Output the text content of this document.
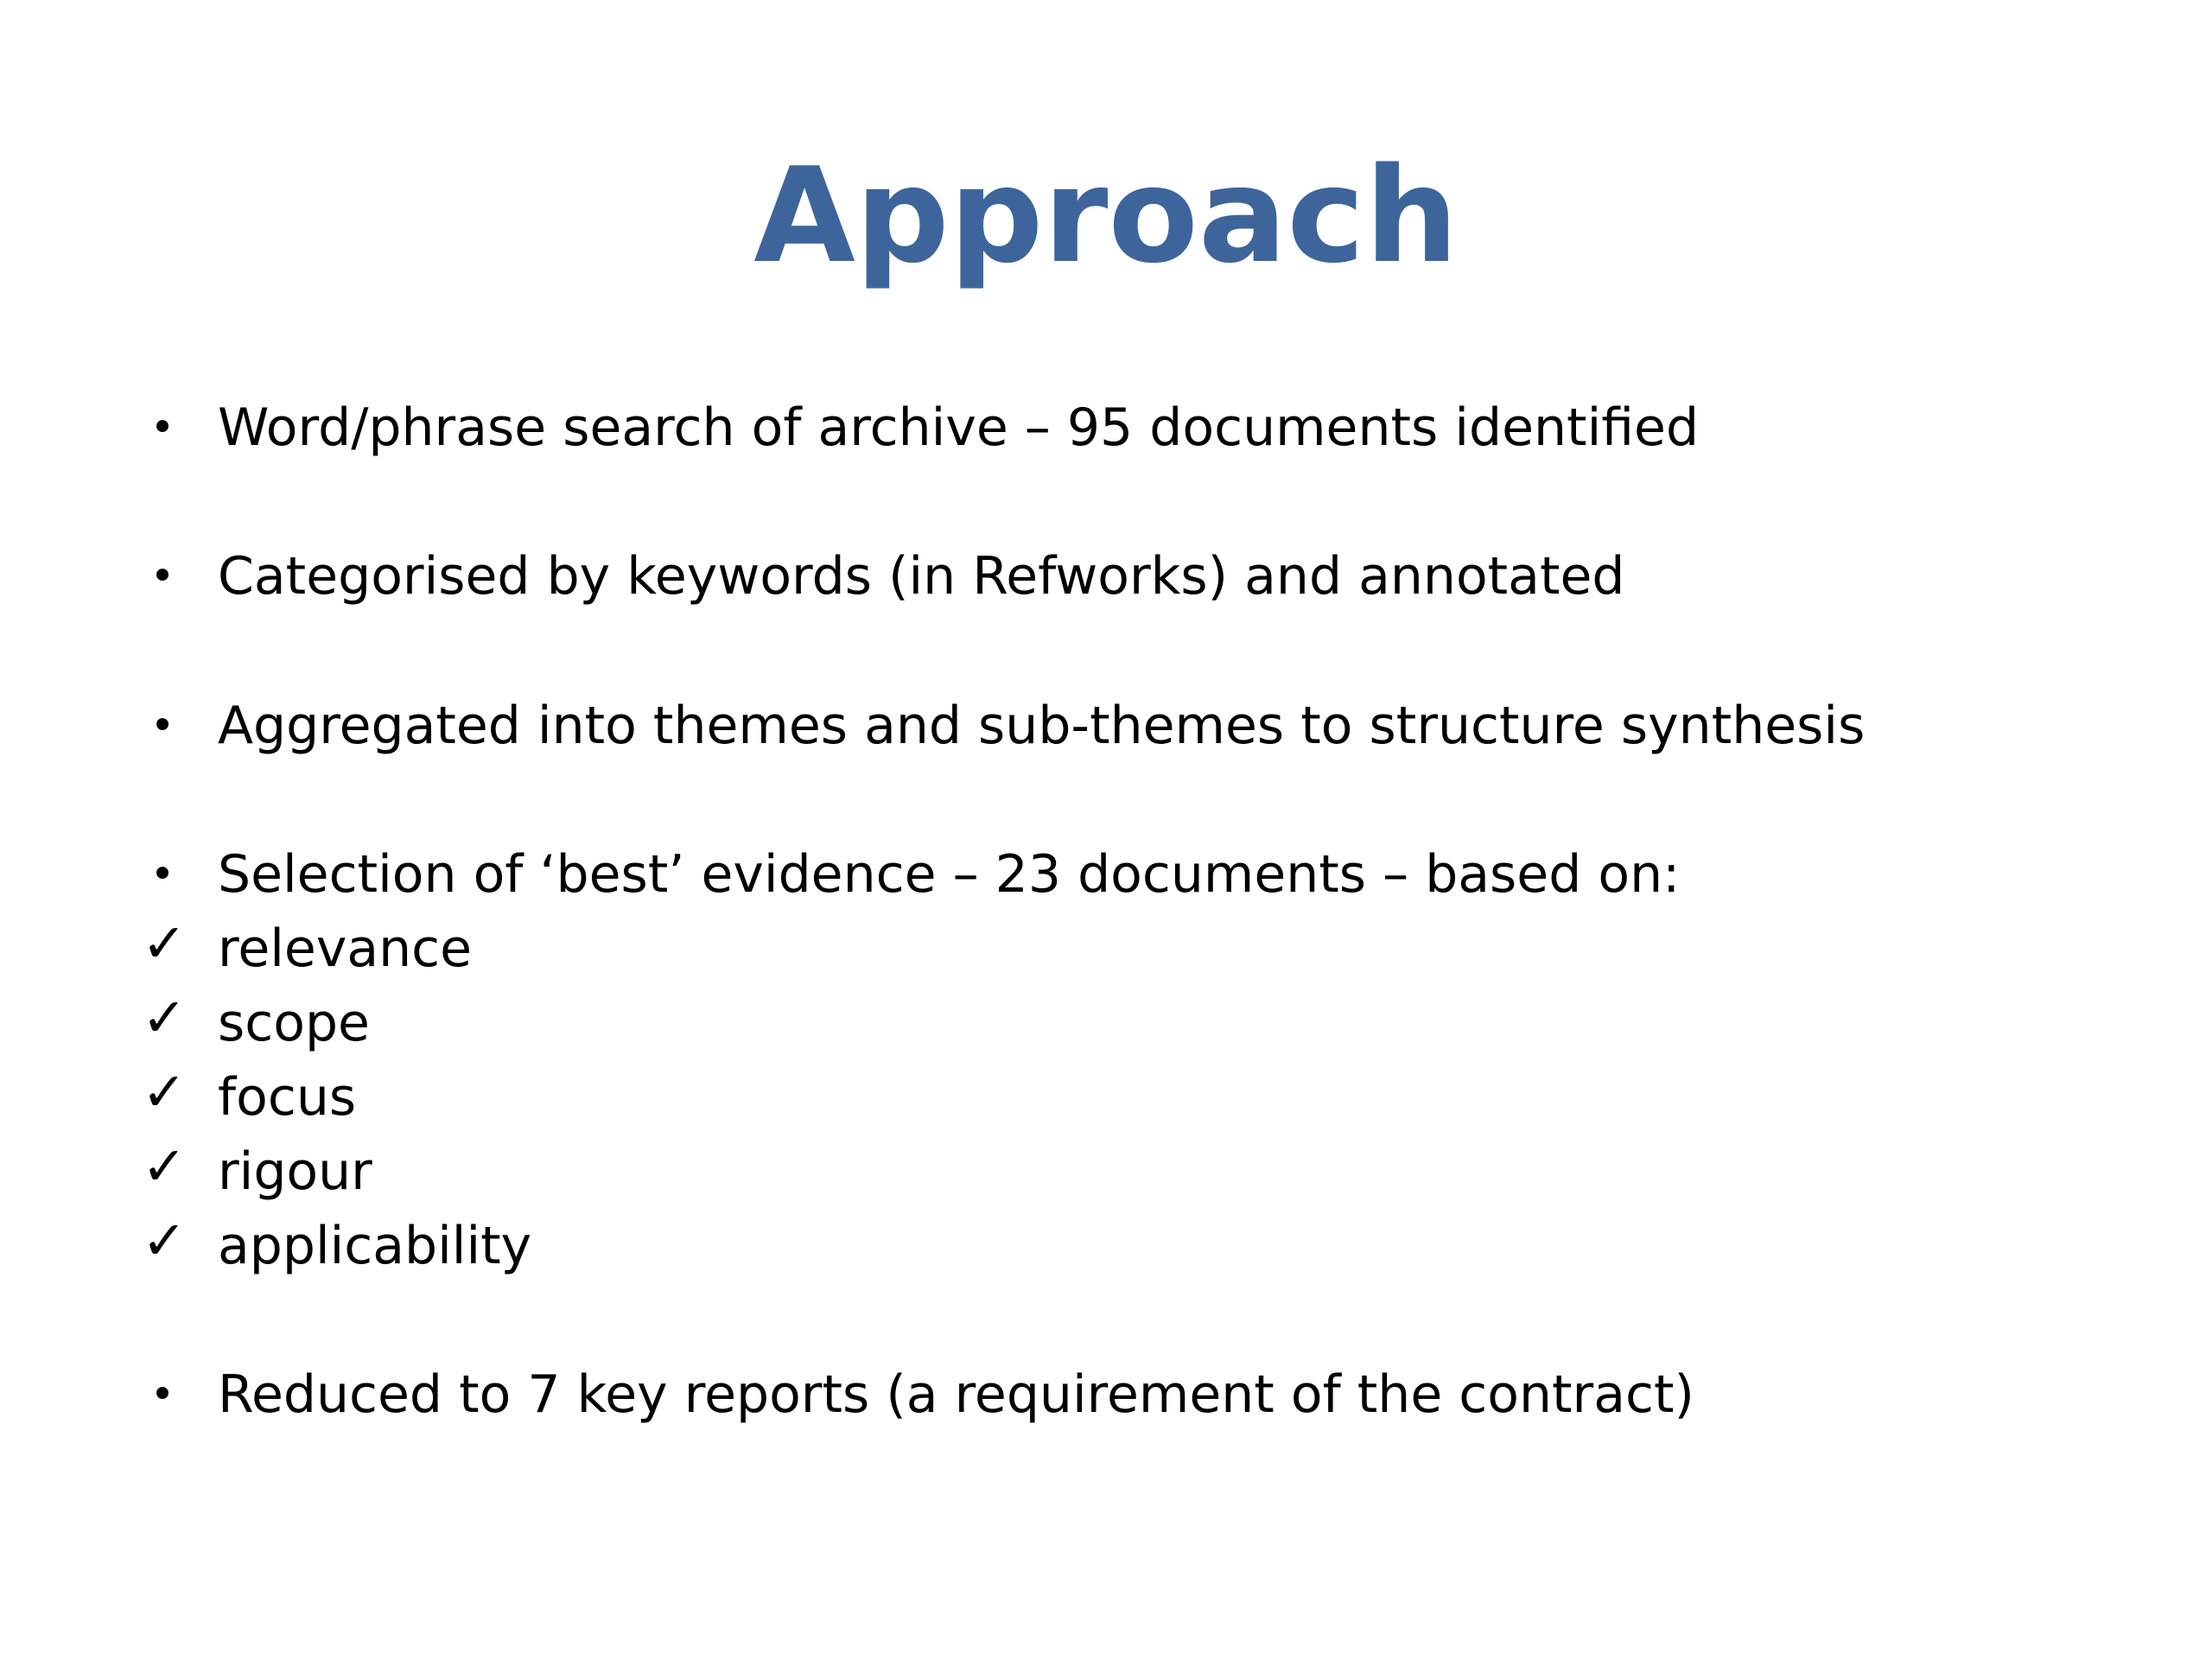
Approach
• Word/phrase search of archive – 95 documents identified
• Categorised by keywords (in Refworks) and annotated
• Aggregated into themes and sub-themes to structure synthesis
• Selection of ‘best’ evidence – 23 documents – based on:
✓ relevance
✓ scope
✓ focus
✓ rigour
✓ applicability
• Reduced to 7 key reports (a requirement of the contract)
